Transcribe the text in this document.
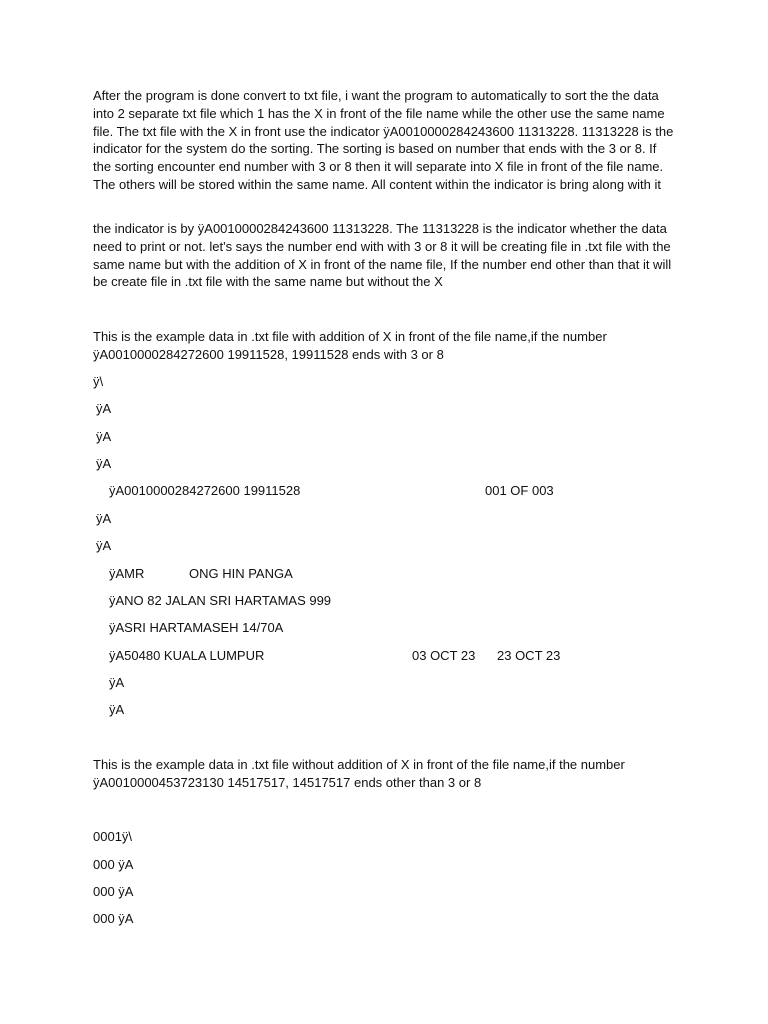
After the program is done convert to txt file, i want the program to automatically to sort the the data into 2 separate txt file which 1 has the X in front of the file name while the other use the same name file. The txt file with the X in front use the indicator ÿA0010000284243600 11313228. 11313228 is the indicator for the system do the sorting. The sorting is based on number that ends with the 3 or 8. If the sorting encounter end number with 3 or 8 then it will separate into X file in front of the file name. The others will be stored within the same name. All content within the indicator is bring along with it

the indicator is by ÿA0010000284243600 11313228. The 11313228 is the indicator whether the data need to print or not. let's says the number end with with 3 or 8 it will be creating file in .txt file with the same name but with the addition of X in front of the name file, If the number end other than that it will be create file in .txt file with the same name but without the X

This is the example data in .txt file with addition of X in front of the file name,if the number ÿA0010000284272600 19911528, 19911528 ends with 3 or 8

ÿ\
ÿA
ÿA
ÿA
ÿA0010000284272600 19911528	001 OF 003
ÿA
ÿA
ÿAMR	ONG HIN PANGA
ÿANO 82 JALAN SRI HARTAMAS 999
ÿASRI HARTAMASEH 14/70A
ÿA50480 KUALA LUMPUR	03 OCT 23 23 OCT 23
ÿA
ÿA

This is the example data in .txt file without addition of X in front of the file name,if the number ÿA0010000453723130 14517517, 14517517 ends other than 3 or 8

0001ÿ\
000 ÿA
000 ÿA
000 ÿA
